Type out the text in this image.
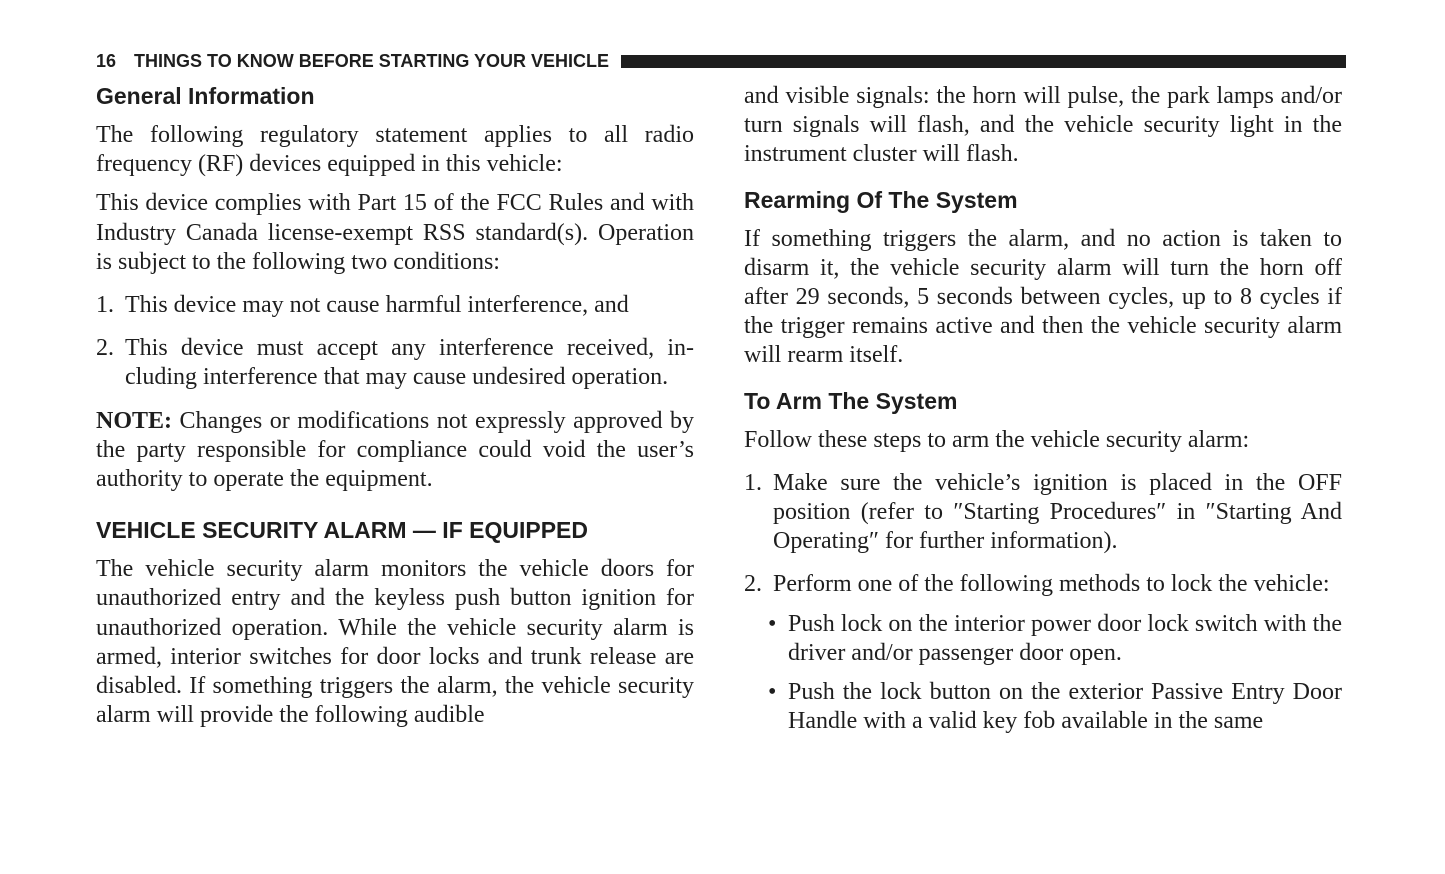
16 THINGS TO KNOW BEFORE STARTING YOUR VEHICLE
General Information

The following regulatory statement applies to all radio frequency (RF) devices equipped in this vehicle:

This device complies with Part 15 of the FCC Rules and with Industry Canada license-exempt RSS standard(s). Operation is subject to the following two conditions:

1. This device may not cause harmful interference, and
2. This device must accept any interference received, including interference that may cause undesired operation.

NOTE: Changes or modifications not expressly approved by the party responsible for compliance could void the user’s authority to operate the equipment.

VEHICLE SECURITY ALARM — IF EQUIPPED

The vehicle security alarm monitors the vehicle doors for unauthorized entry and the keyless push button ignition for unauthorized operation. While the vehicle security alarm is armed, interior switches for door locks and trunk release are disabled. If something triggers the alarm, the vehicle security alarm will provide the following audible

and visible signals: the horn will pulse, the park lamps and/or turn signals will flash, and the vehicle security light in the instrument cluster will flash.

Rearming Of The System

If something triggers the alarm, and no action is taken to disarm it, the vehicle security alarm will turn the horn off after 29 seconds, 5 seconds between cycles, up to 8 cycles if the trigger remains active and then the vehicle security alarm will rearm itself.

To Arm The System

Follow these steps to arm the vehicle security alarm:

1. Make sure the vehicle’s ignition is placed in the OFF position (refer to ″Starting Procedures″ in ″Starting And Operating″ for further information).
2. Perform one of the following methods to lock the vehicle:
• Push lock on the interior power door lock switch with the driver and/or passenger door open.
• Push the lock button on the exterior Passive Entry Door Handle with a valid key fob available in the same
